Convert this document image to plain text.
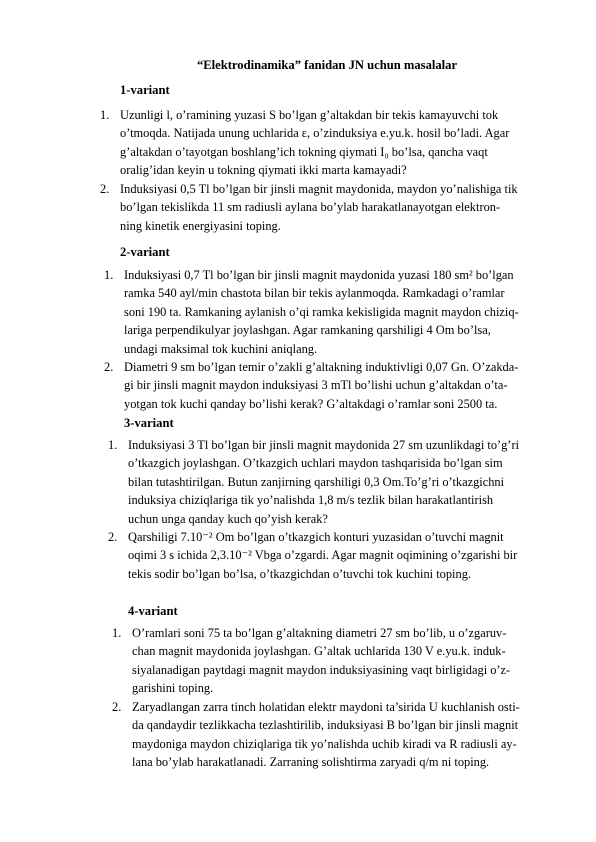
“Elektrodinamika” fanidan JN uchun masalalar
1-variant
1. Uzunligi l, o’ramining yuzasi S bo’lgan g’altakdan bir tekis kamayuvchi tok
o’tmoqda. Natijada unung uchlarida ε, o’zinduksiya e.yu.k. hosil bo’ladi. Agar
g’altakdan o’tayotgan boshlang’ich tokning qiymati I₀ bo’lsa, qancha vaqt
oralig’idan keyin u tokning qiymati ikki marta kamayadi?
2. Induksiyasi 0,5 Tl bo’lgan bir jinsli magnit maydonida, maydon yo’nalishiga tik
bo’lgan tekislikda 11 sm radiusli aylana bo’ylab harakatlanayotgan elektron-
ning kinetik energiyasini toping.
2-variant
1. Induksiyasi 0,7 Tl bo’lgan bir jinsli magnit maydonida yuzasi 180 sm² bo’lgan
ramka 540 ayl/min chastota bilan bir tekis aylanmoqda. Ramkadagi o’ramlar
soni 190 ta. Ramkaning aylanish o’qi ramka kekisligida magnit maydon chiziq-
lariga perpendikulyar joylashgan. Agar ramkaning qarshiligi 4 Om bo’lsa,
undagi maksimal tok kuchini aniqlang.
2. Diametri 9 sm bo’lgan temir o’zakli g’altakning induktivligi 0,07 Gn. O’zakda-
gi bir jinsli magnit maydon induksiyasi 3 mTl bo’lishi uchun g’altakdan o’ta-
yotgan tok kuchi qanday bo’lishi kerak? G’altakdagi o’ramlar soni 2500 ta.
3-variant
1. Induksiyasi 3 Tl bo’lgan bir jinsli magnit maydonida 27 sm uzunlikdagi to’g’ri
o’tkazgich joylashgan. O’tkazgich uchlari maydon tashqarisida bo’lgan sim
bilan tutashtirilgan. Butun zanjirning qarshiligi 0,3 Om.To’g’ri o’tkazgichni
induksiya chiziqlariga tik yo’nalishda 1,8 m/s tezlik bilan harakatlantirish
uchun unga qanday kuch qo’yish kerak?
2. Qarshiligi 7.10⁻² Om bo’lgan o’tkazgich konturi yuzasidan o’tuvchi magnit
oqimi 3 s ichida 2,3.10⁻² Vbga o’zgardi. Agar magnit oqimining o’zgarishi bir
tekis sodir bo’lgan bo’lsa, o’tkazgichdan o’tuvchi tok kuchini toping.
4-variant
1. O’ramlari soni 75 ta bo’lgan g’altakning diametri 27 sm bo’lib, u o’zgaruv-
chan magnit maydonida joylashgan. G’altak uchlarida 130 V e.yu.k. induk-
siyalanadigan paytdagi magnit maydon induksiyasining vaqt birligidagi o’z-
garishini toping.
2. Zaryadlangan zarra tinch holatidan elektr maydoni ta’sirida U kuchlanish osti-
da qandaydir tezlikkacha tezlashtirilib, induksiyasi B bo’lgan bir jinsli magnit
maydoniga maydon chiziqlariga tik yo’nalishda uchib kiradi va R radiusli ay-
lana bo’ylab harakatlanadi. Zarraning solishtirma zaryadi q/m ni toping.
